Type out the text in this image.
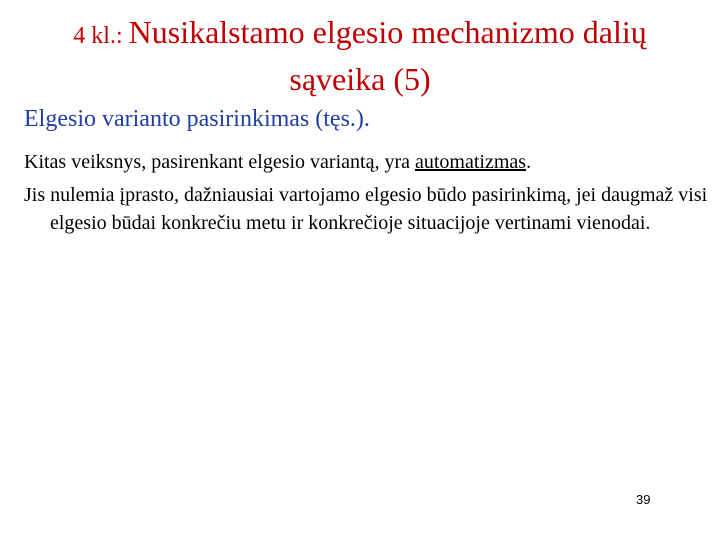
4 kl.: Nusikalstamo elgesio mechanizmo dalių
sąveika (5)
Elgesio varianto pasirinkimas (tęs.).
Kitas veiksnys, pasirenkant elgesio variantą, yra automatizmas.
Jis nulemia įprasto, dažniausiai vartojamo elgesio būdo pasirinkimą, jei daugmaž visi elgesio būdai konkrečiu metu ir konkrečioje situacijoje vertinami vienodai.
39
